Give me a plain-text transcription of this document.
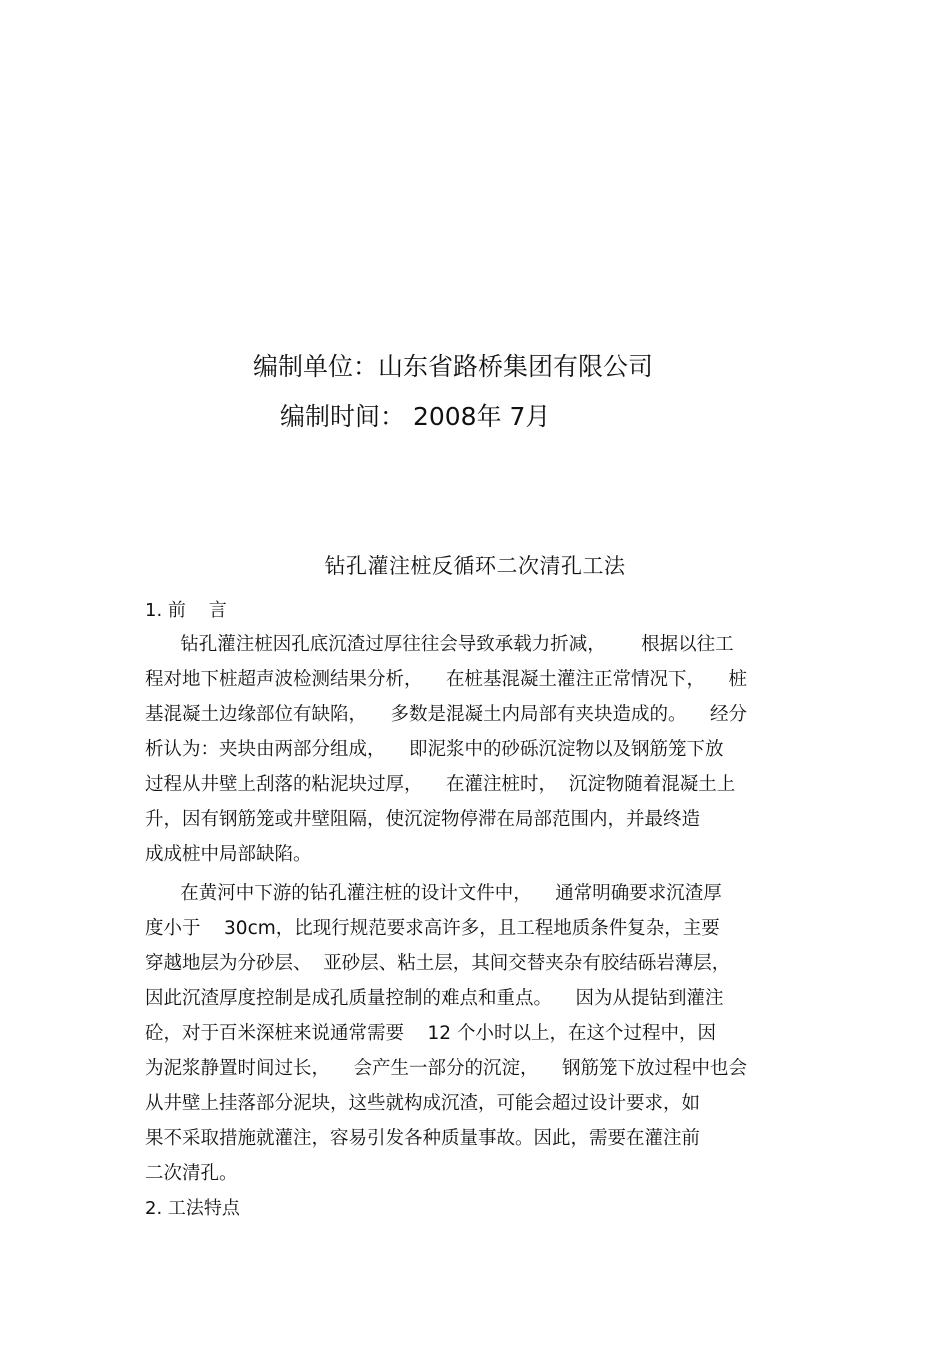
编制单位：山东省路桥集团有限公司
编制时间： 2008年 7月
钻孔灌注桩反循环二次清孔工法
1. 前    言
钻孔灌注桩因孔底沉渣过厚往往会导致承载力折减，      根据以往工
程对地下桩超声波检测结果分析，    在桩基混凝土灌注正常情况下，    桩
基混凝土边缘部位有缺陷，    多数是混凝土内局部有夹块造成的。    经分
析认为：夹块由两部分组成，    即泥浆中的砂砾沉淀物以及钢筋笼下放
过程从井壁上刮落的粘泥块过厚，    在灌注桩时，  沉淀物随着混凝土上
升，因有钢筋笼或井壁阻隔，使沉淀物停滞在局部范围内，并最终造
成成桩中局部缺陷。
在黄河中下游的钻孔灌注桩的设计文件中，    通常明确要求沉渣厚
度小于    30cm，比现行规范要求高许多，且工程地质条件复杂，主要
穿越地层为分砂层、  亚砂层、粘土层，其间交替夹杂有胶结砾岩薄层，
因此沉渣厚度控制是成孔质量控制的难点和重点。    因为从提钻到灌注
砼，对于百米深桩来说通常需要    12 个小时以上，在这个过程中，因
为泥浆静置时间过长，    会产生一部分的沉淀，    钢筋笼下放过程中也会
从井壁上挂落部分泥块，这些就构成沉渣，可能会超过设计要求，如
果不采取措施就灌注，容易引发各种质量事故。因此，需要在灌注前
二次清孔。
2. 工法特点
